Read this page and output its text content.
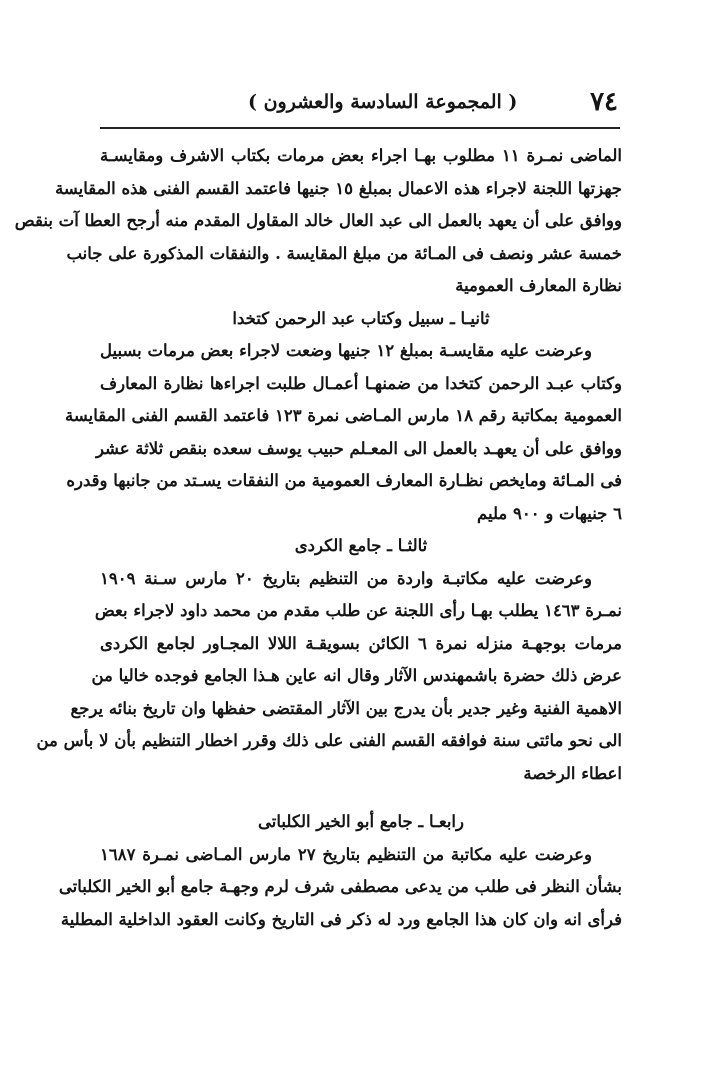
٧٤
( المجموعة السادسة والعشرون )
الماضى نمـرة ١١ مطلوب بهـا اجراء بعض مرمات بكتاب الاشرف ومقايسـة
جهزتها اللجنة لاجراء هذه الاعمال بمبلغ ١٥ جنيها فاعتمد القسم الفنى هذه المقايسة
ووافق على أن يعهد بالعمل الى عبد العال خالد المقاول المقدم منه أرجح العطا آت بنقص
خمسة عشر ونصف فى المـائة من مبلغ المقايسة . والنفقات المذكورة على جانب
نظارة المعارف العمومية
ثانيـا ـ سبيل وكتاب عبد الرحمن كتخدا
وعرضت عليه مقايسـة بمبلغ ١٢ جنيها وضعت لاجراء بعض مرمات بسبيل
وكتاب عبـد الرحمن كتخدا من ضمنهـا أعمـال طلبت اجراءها نظارة المعارف
العمومية بمكاتبة رقم ١٨ مارس المـاضى نمرة ١٢٣ فاعتمد القسم الفنى المقايسة
ووافق على أن يعهـد بالعمل الى المعـلم حبيب يوسف سعده بنقص ثلاثة عشر
فى المـائة ومايخص نظـارة المعارف العمومية من النفقات يسـتد من جانبها وقدره
٦ جنيهات و ٩٠٠ مليم
ثالثـا ـ جامع الكردى
وعرضت عليه مكاتبـة واردة من التنظيم بتاريخ ٢٠ مارس سـنة ١٩٠٩
نمـرة ١٤٦٣ يطلب بهـا رأى اللجنة عن طلب مقدم من محمد داود لاجراء بعض
مرمات بوجهـة منزله نمرة ٦ الكائن بسويقـة اللالا المجـاور لجامع الكردى
عرض ذلك حضرة باشمهندس الآثار وقال انه عاين هـذا الجامع فوجده خاليا من
الاهمية الفنية وغير جدير بأن يدرج بين الآثار المقتضى حفظها وان تاريخ بنائه يرجع
الى نحو مائتى سنة فوافقه القسم الفنى على ذلك وقرر اخطار التنظيم بأن لا بأس من
اعطاء الرخصة
رابعـا ـ جامع أبو الخير الكلباتى
وعرضت عليه مكاتبة من التنظيم بتاريخ ٢٧ مارس المـاضى نمـرة ١٦٨٧
بشأن النظر فى طلب من يدعى مصطفى شرف لرم وجهـة جامع أبو الخير الكلباتى
فرأى انه وان كان هذا الجامع ورد له ذكر فى التاريخ وكانت العقود الداخلية المطلية
